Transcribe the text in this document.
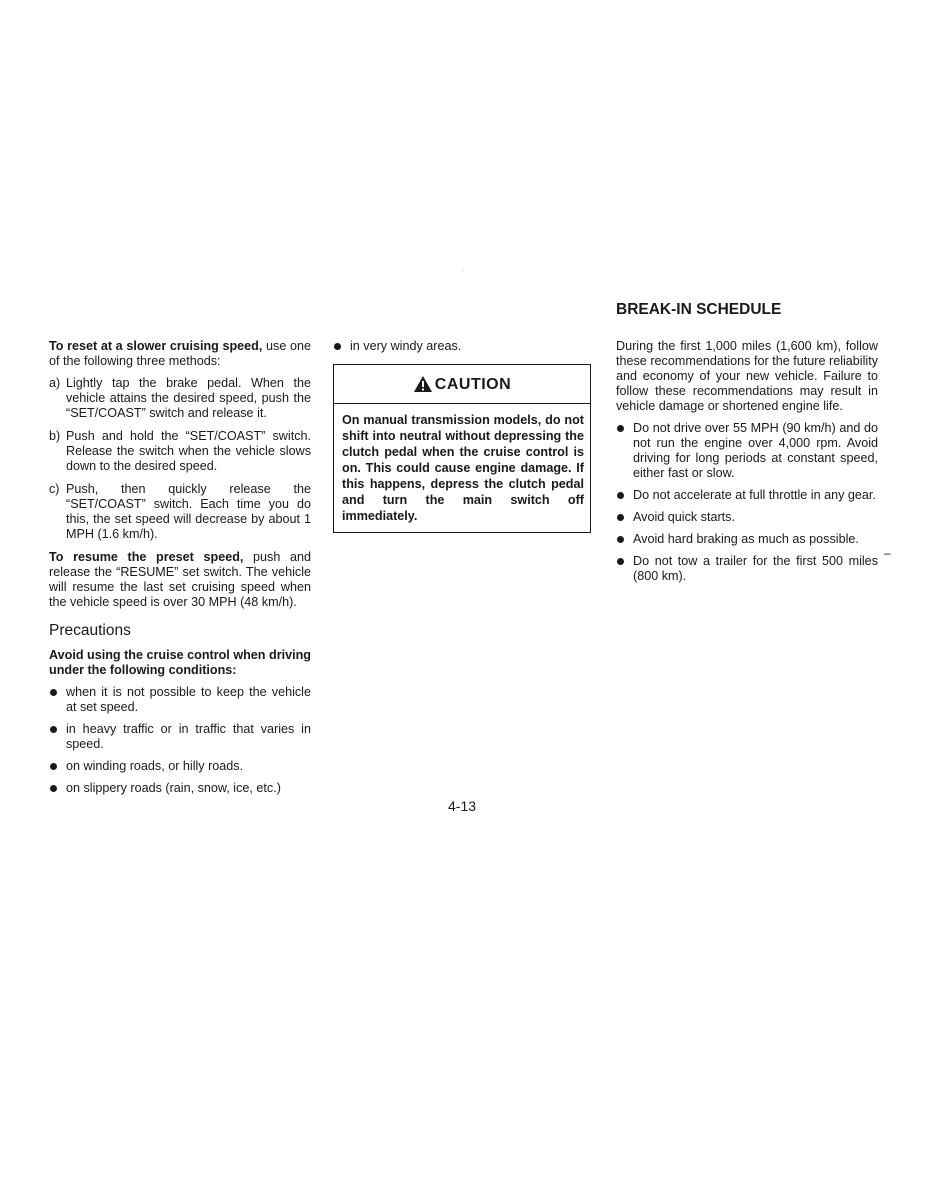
.

To reset at a slower cruising speed, use one of the following three methods:

a) Lightly tap the brake pedal. When the vehicle attains the desired speed, push the “SET/COAST” switch and release it.
b) Push and hold the “SET/COAST” switch. Release the switch when the vehicle slows down to the desired speed.
c) Push, then quickly release the “SET/COAST” switch. Each time you do this, the set speed will decrease by about 1 MPH (1.6 km/h).

To resume the preset speed, push and release the “RESUME” set switch. The vehicle will resume the last set cruising speed when the vehicle speed is over 30 MPH (48 km/h).

Precautions

Avoid using the cruise control when driving under the following conditions:

when it is not possible to keep the vehicle at set speed.
in heavy traffic or in traffic that varies in speed.
on winding roads, or hilly roads.
on slippery roads (rain, snow, ice, etc.)
in very windy areas.
CAUTION
On manual transmission models, do not shift into neutral without depressing the clutch pedal when the cruise control is on. This could cause engine damage. If this happens, depress the clutch pedal and turn the main switch off immediately.
BREAK-IN SCHEDULE

During the first 1,000 miles (1,600 km), follow these recommendations for the future reliability and economy of your new vehicle. Failure to follow these recommendations may result in vehicle damage or shortened engine life.

Do not drive over 55 MPH (90 km/h) and do not run the engine over 4,000 rpm. Avoid driving for long periods at constant speed, either fast or slow.
Do not accelerate at full throttle in any gear.
Avoid quick starts.
Avoid hard braking as much as possible.
Do not tow a trailer for the first 500 miles (800 km).
–
4-13
